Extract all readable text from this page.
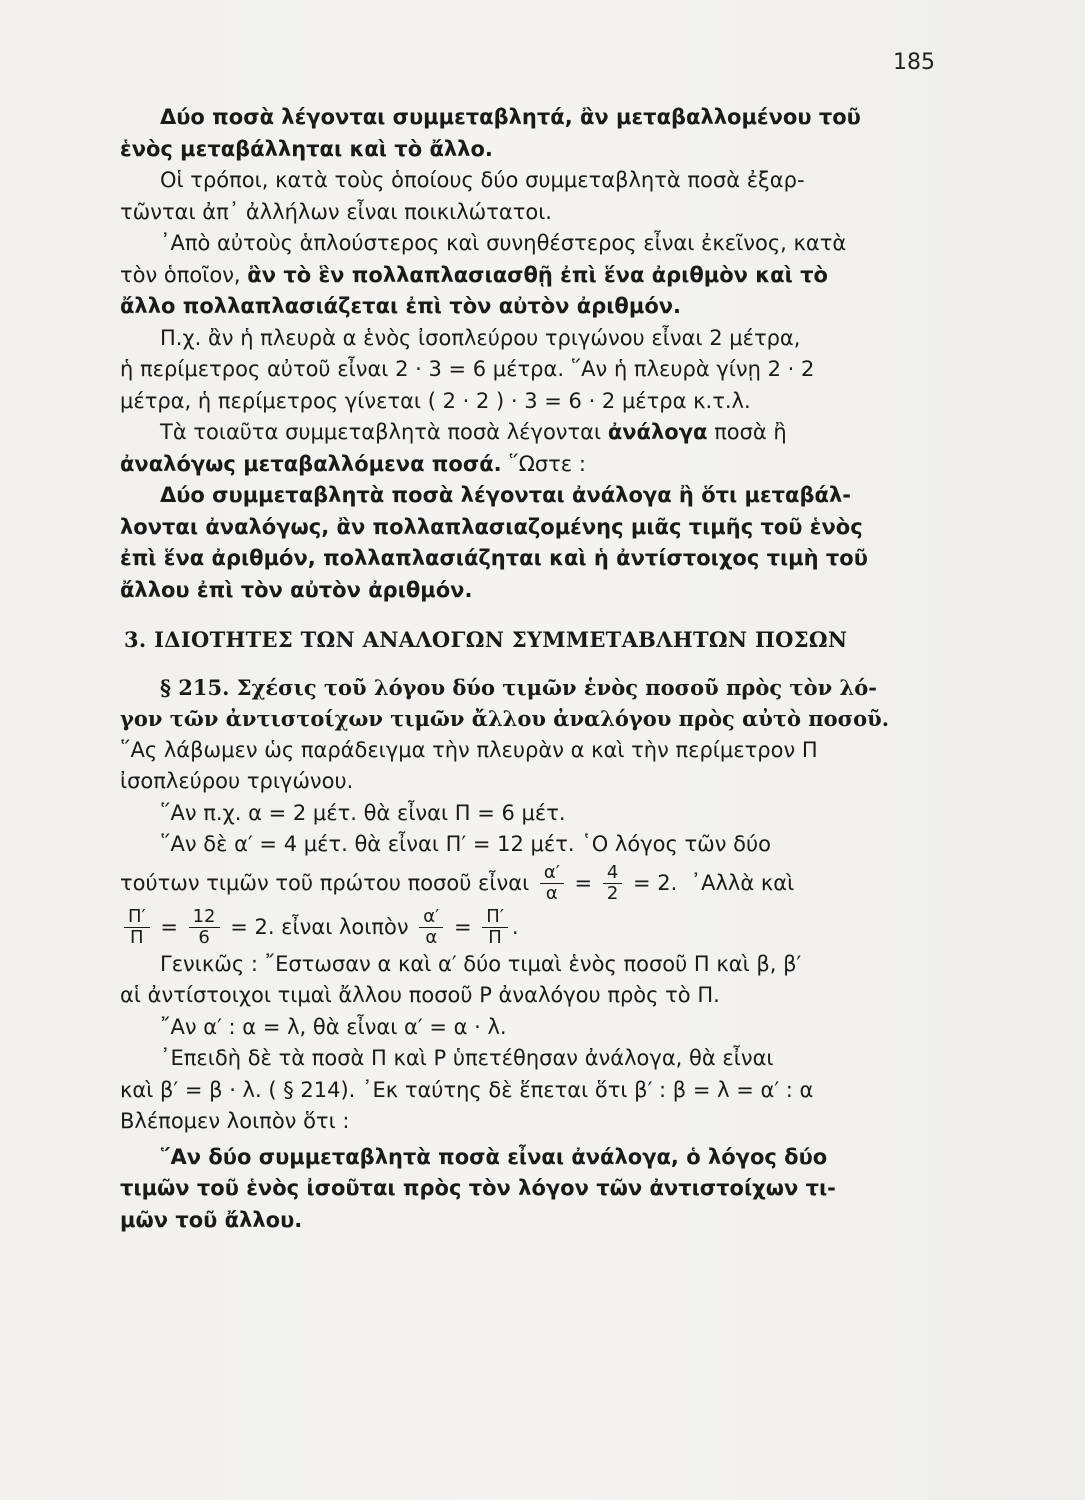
185

Δύο ποσὰ λέγονται συμμεταβλητά, ἂν μεταβαλλομένου τοῦ
ἑνὸς μεταβάλληται καὶ τὸ ἄλλο.

Οἱ τρόποι, κατὰ τοὺς ὁποίους δύο συμμεταβλητὰ ποσὰ ἐξαρ-
τῶνται ἀπ᾽ ἀλλήλων εἶναι ποικιλώτατοι.

᾽Απὸ αὐτοὺς ἁπλούστερος καὶ συνηθέστερος εἶναι ἐκεῖνος, κατὰ
τὸν ὁποῖον, ἂν τὸ ἓν πολλαπλασιασθῇ ἐπὶ ἕνα ἀριθμὸν καὶ τὸ
ἄλλο πολλαπλασιάζεται ἐπὶ τὸν αὐτὸν ἀριθμόν.

Π.χ. ἂν ἡ πλευρὰ α ἑνὸς ἰσοπλεύρου τριγώνου εἶναι 2 μέτρα,
ἡ περίμετρος αὐτοῦ εἶναι 2 · 3 = 6 μέτρα. ῞Αν ἡ πλευρὰ γίνῃ 2 · 2
μέτρα, ἡ περίμετρος γίνεται ( 2 · 2 ) · 3 = 6 · 2 μέτρα κ.τ.λ.

Τὰ τοιαῦτα συμμεταβλητὰ ποσὰ λέγονται ἀνάλογα ποσὰ ἢ
ἀναλόγως μεταβαλλόμενα ποσά. ῞Ωστε :

Δύο συμμεταβλητὰ ποσὰ λέγονται ἀνάλογα ἢ ὅτι μεταβάλ-
λονται ἀναλόγως, ἂν πολλαπλασιαζομένης μιᾶς τιμῆς τοῦ ἑνὸς
ἐπὶ ἕνα ἀριθμόν, πολλαπλασιάζηται καὶ ἡ ἀντίστοιχος τιμὴ τοῦ
ἄλλου ἐπὶ τὸν αὐτὸν ἀριθμόν.

3. ΙΔΙΟΤΗΤΕΣ ΤΩΝ ΑΝΑΛΟΓΩΝ ΣΥΜΜΕΤΑΒΛΗΤΩΝ ΠΟΣΩΝ

§ 215. Σχέσις τοῦ λόγου δύο τιμῶν ἑνὸς ποσοῦ πρὸς τὸν λό-
γον τῶν ἀντιστοίχων τιμῶν ἄλλου ἀναλόγου πρὸς αὐτὸ ποσοῦ.
῞Ας λάβωμεν ὡς παράδειγμα τὴν πλευρὰν α καὶ τὴν περίμετρον Π
ἰσοπλεύρου τριγώνου.

῞Αν π.χ. α = 2 μέτ. θὰ εἶναι Π = 6 μέτ.

῞Αν δὲ α′ = 4 μέτ. θὰ εἶναι Π′ = 12 μέτ. ῾Ο λόγος τῶν δύο
τούτων τιμῶν τοῦ πρώτου ποσοῦ εἶναι $\frac{\alpha'}{\alpha} = \frac{4}{2} = 2$. ᾽Αλλὰ καὶ
$\frac{\Pi'}{\Pi} = \frac{12}{6} = 2$. εἶναι λοιπὸν $\frac{\alpha'}{\alpha} = \frac{\Pi'}{\Pi}$ .

Γενικῶς : ῎Εστωσαν α καὶ α′ δύο τιμαὶ ἑνὸς ποσοῦ Π καὶ β, β′
αἱ ἀντίστοιχοι τιμαὶ ἄλλου ποσοῦ Ρ ἀναλόγου πρὸς τὸ Π.

῎Αν α′ : α = λ, θὰ εἶναι α′ = α · λ.

᾽Επειδὴ δὲ τὰ ποσὰ Π καὶ Ρ ὑπετέθησαν ἀνάλογα, θὰ εἶναι
καὶ β′ = β · λ. ( § 214). ᾽Εκ ταύτης δὲ ἕπεται ὅτι β′ : β = λ = α′ : α
Βλέπομεν λοιπὸν ὅτι :

῞Αν δύο συμμεταβλητὰ ποσὰ εἶναι ἀνάλογα, ὁ λόγος δύο
τιμῶν τοῦ ἑνὸς ἰσοῦται πρὸς τὸν λόγον τῶν ἀντιστοίχων τι-
μῶν τοῦ ἄλλου.
